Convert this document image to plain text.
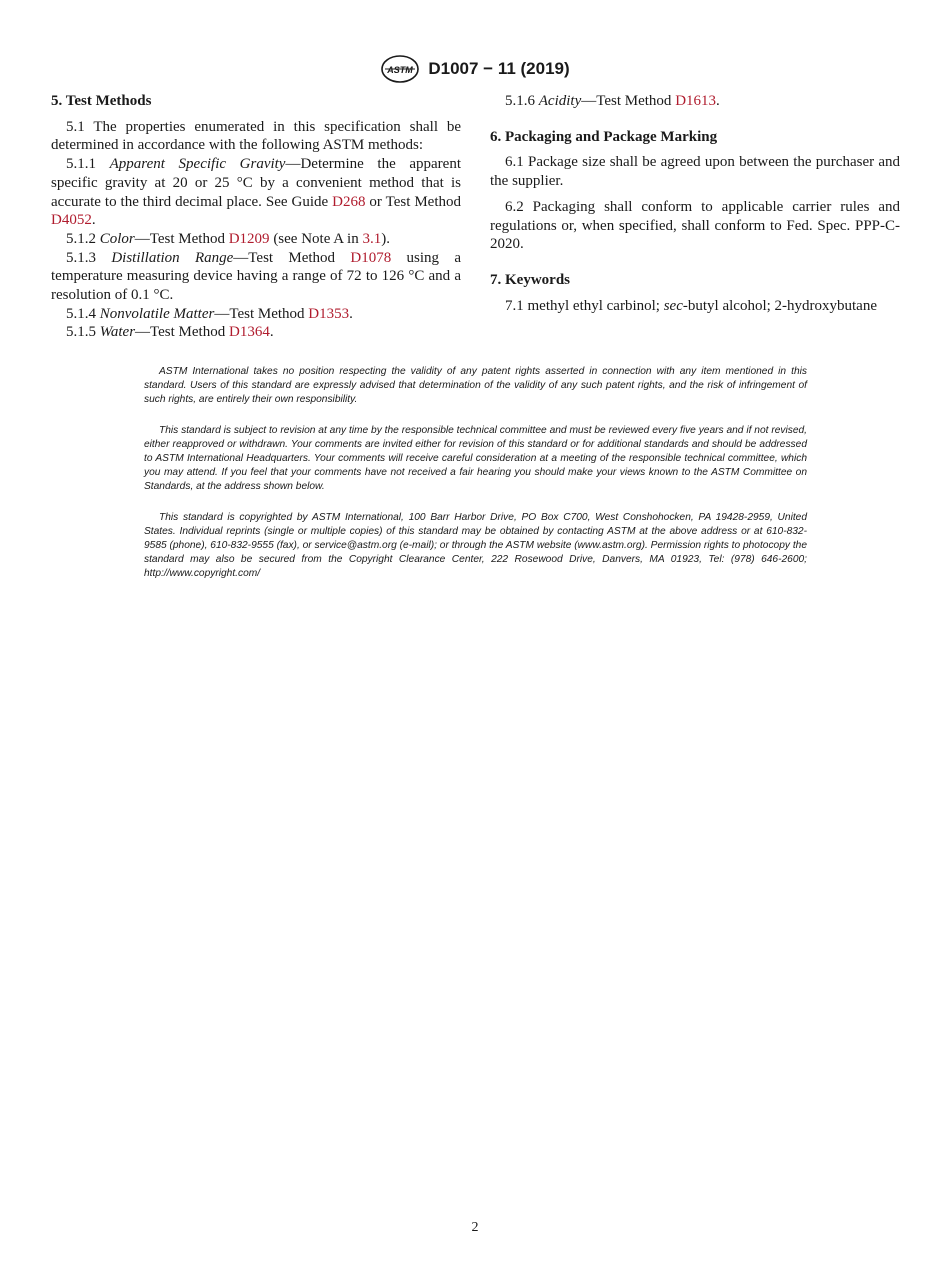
ASTM D1007 − 11 (2019)
5. Test Methods

5.1 The properties enumerated in this specification shall be determined in accordance with the following ASTM methods:

5.1.1 Apparent Specific Gravity—Determine the apparent specific gravity at 20 or 25 °C by a convenient method that is accurate to the third decimal place. See Guide D268 or Test Method D4052.

5.1.2 Color—Test Method D1209 (see Note A in 3.1).

5.1.3 Distillation Range—Test Method D1078 using a temperature measuring device having a range of 72 to 126 °C and a resolution of 0.1 °C.

5.1.4 Nonvolatile Matter—Test Method D1353.

5.1.5 Water—Test Method D1364.

5.1.6 Acidity—Test Method D1613.

6. Packaging and Package Marking

6.1 Package size shall be agreed upon between the purchaser and the supplier.

6.2 Packaging shall conform to applicable carrier rules and regulations or, when specified, shall conform to Fed. Spec. PPP-C-2020.

7. Keywords

7.1 methyl ethyl carbinol; sec-butyl alcohol; 2-hydroxybutane

ASTM International takes no position respecting the validity of any patent rights asserted in connection with any item mentioned in this standard. Users of this standard are expressly advised that determination of the validity of any such patent rights, and the risk of infringement of such rights, are entirely their own responsibility.

This standard is subject to revision at any time by the responsible technical committee and must be reviewed every five years and if not revised, either reapproved or withdrawn. Your comments are invited either for revision of this standard or for additional standards and should be addressed to ASTM International Headquarters. Your comments will receive careful consideration at a meeting of the responsible technical committee, which you may attend. If you feel that your comments have not received a fair hearing you should make your views known to the ASTM Committee on Standards, at the address shown below.

This standard is copyrighted by ASTM International, 100 Barr Harbor Drive, PO Box C700, West Conshohocken, PA 19428-2959, United States. Individual reprints (single or multiple copies) of this standard may be obtained by contacting ASTM at the above address or at 610-832-9585 (phone), 610-832-9555 (fax), or service@astm.org (e-mail); or through the ASTM website (www.astm.org). Permission rights to photocopy the standard may also be secured from the Copyright Clearance Center, 222 Rosewood Drive, Danvers, MA 01923, Tel: (978) 646-2600; http://www.copyright.com/

2
